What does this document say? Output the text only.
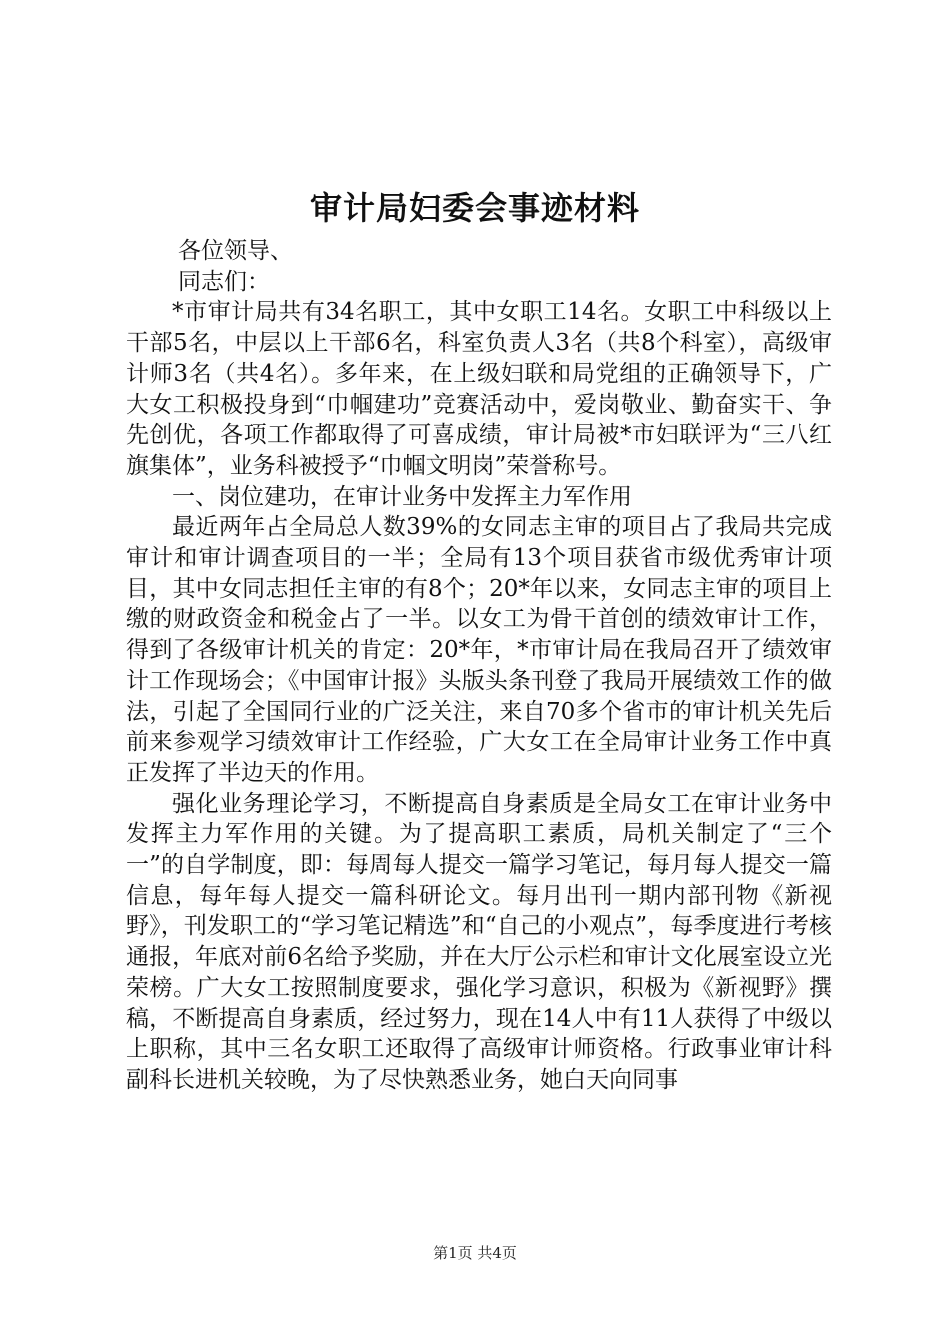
审计局妇委会事迹材料

各位领导、

同志们：

*市审计局共有34名职工，其中女职工14名。女职工中科级以上干部5名，中层以上干部6名，科室负责人3名（共8个科室），高级审计师3名（共4名）。多年来，在上级妇联和局党组的正确领导下，广大女工积极投身到“巾帼建功”竞赛活动中，爱岗敬业、勤奋实干、争先创优，各项工作都取得了可喜成绩，审计局被*市妇联评为“三八红旗集体”，业务科被授予“巾帼文明岗”荣誉称号。

一、岗位建功，在审计业务中发挥主力军作用

最近两年占全局总人数39%的女同志主审的项目占了我局共完成审计和审计调查项目的一半；全局有13个项目获省市级优秀审计项目，其中女同志担任主审的有8个；20*年以来，女同志主审的项目上缴的财政资金和税金占了一半。以女工为骨干首创的绩效审计工作，得到了各级审计机关的肯定：20*年，*市审计局在我局召开了绩效审计工作现场会；《中国审计报》头版头条刊登了我局开展绩效工作的做法，引起了全国同行业的广泛关注，来自70多个省市的审计机关先后前来参观学习绩效审计工作经验，广大女工在全局审计业务工作中真正发挥了半边天的作用。

强化业务理论学习，不断提高自身素质是全局女工在审计业务中发挥主力军作用的关键。为了提高职工素质，局机关制定了“三个一”的自学制度，即：每周每人提交一篇学习笔记，每月每人提交一篇信息，每年每人提交一篇科研论文。每月出刊一期内部刊物《新视野》，刊发职工的“学习笔记精选”和“自己的小观点”，每季度进行考核通报，年底对前6名给予奖励，并在大厅公示栏和审计文化展室设立光荣榜。广大女工按照制度要求，强化学习意识，积极为《新视野》撰稿，不断提高自身素质，经过努力，现在14人中有11人获得了中级以上职称，其中三名女职工还取得了高级审计师资格。行政事业审计科副科长进机关较晚，为了尽快熟悉业务，她白天向同事

第1页 共4页
